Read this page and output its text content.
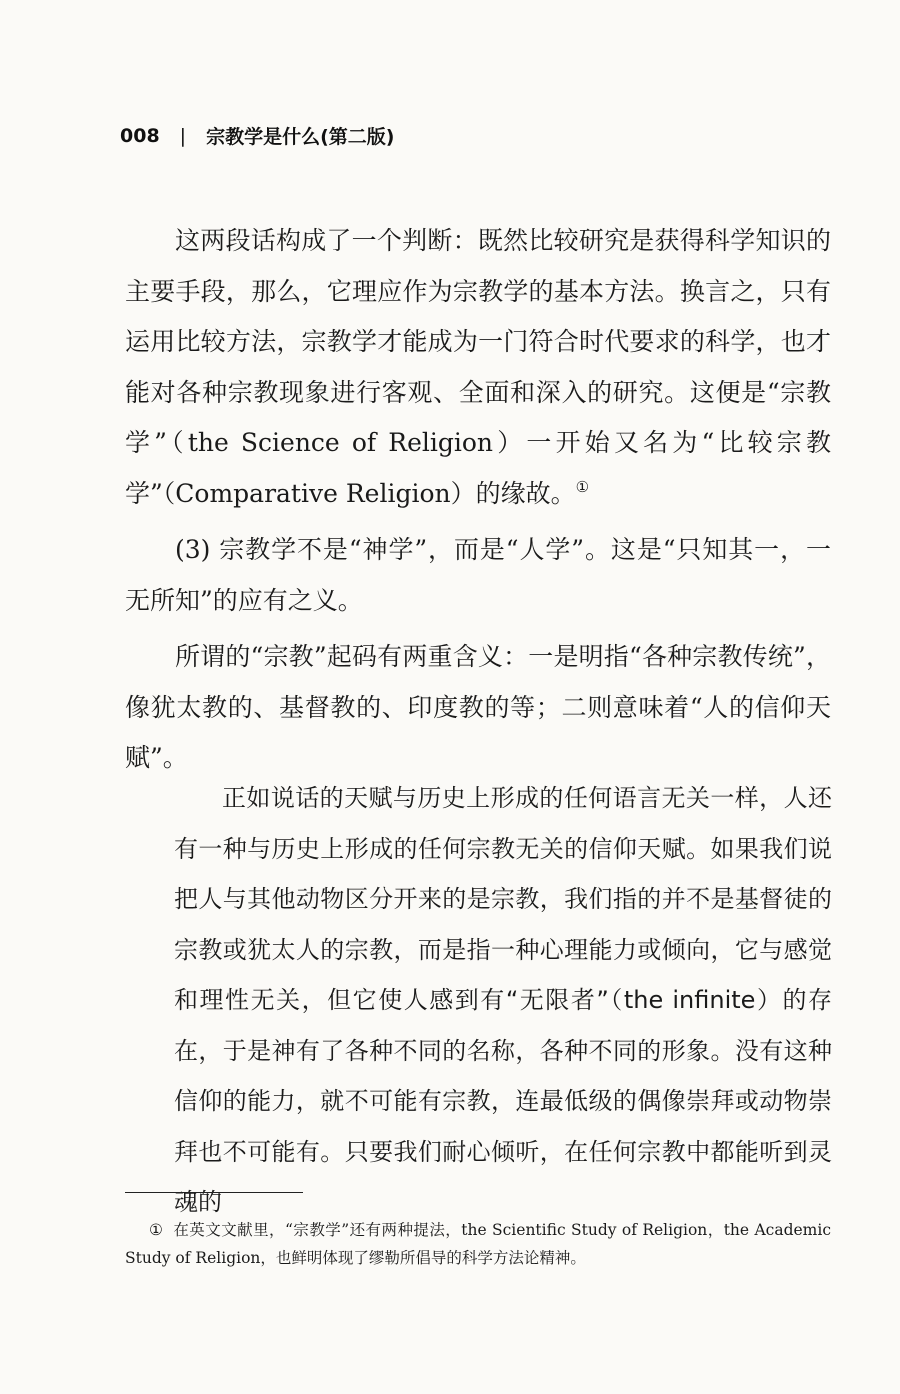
008 | 宗教学是什么(第二版)

这两段话构成了一个判断：既然比较研究是获得科学知识的主要手段，那么，它理应作为宗教学的基本方法。换言之，只有运用比较方法，宗教学才能成为一门符合时代要求的科学，也才能对各种宗教现象进行客观、全面和深入的研究。这便是“宗教学”（the Science of Religion）一开始又名为“比较宗教学”（Comparative Religion）的缘故。①

(3) 宗教学不是“神学”，而是“人学”。这是“只知其一，一无所知”的应有之义。

所谓的“宗教”起码有两重含义：一是明指“各种宗教传统”，像犹太教的、基督教的、印度教的等；二则意味着“人的信仰天赋”。

正如说话的天赋与历史上形成的任何语言无关一样，人还有一种与历史上形成的任何宗教无关的信仰天赋。如果我们说把人与其他动物区分开来的是宗教，我们指的并不是基督徒的宗教或犹太人的宗教，而是指一种心理能力或倾向，它与感觉和理性无关，但它使人感到有“无限者”（the infinite）的存在，于是神有了各种不同的名称，各种不同的形象。没有这种信仰的能力，就不可能有宗教，连最低级的偶像崇拜或动物崇拜也不可能有。只要我们耐心倾听，在任何宗教中都能听到灵魂的

① 在英文文献里，“宗教学”还有两种提法，the Scientific Study of Religion，the Academic Study of Religion，也鲜明体现了缪勒所倡导的科学方法论精神。
